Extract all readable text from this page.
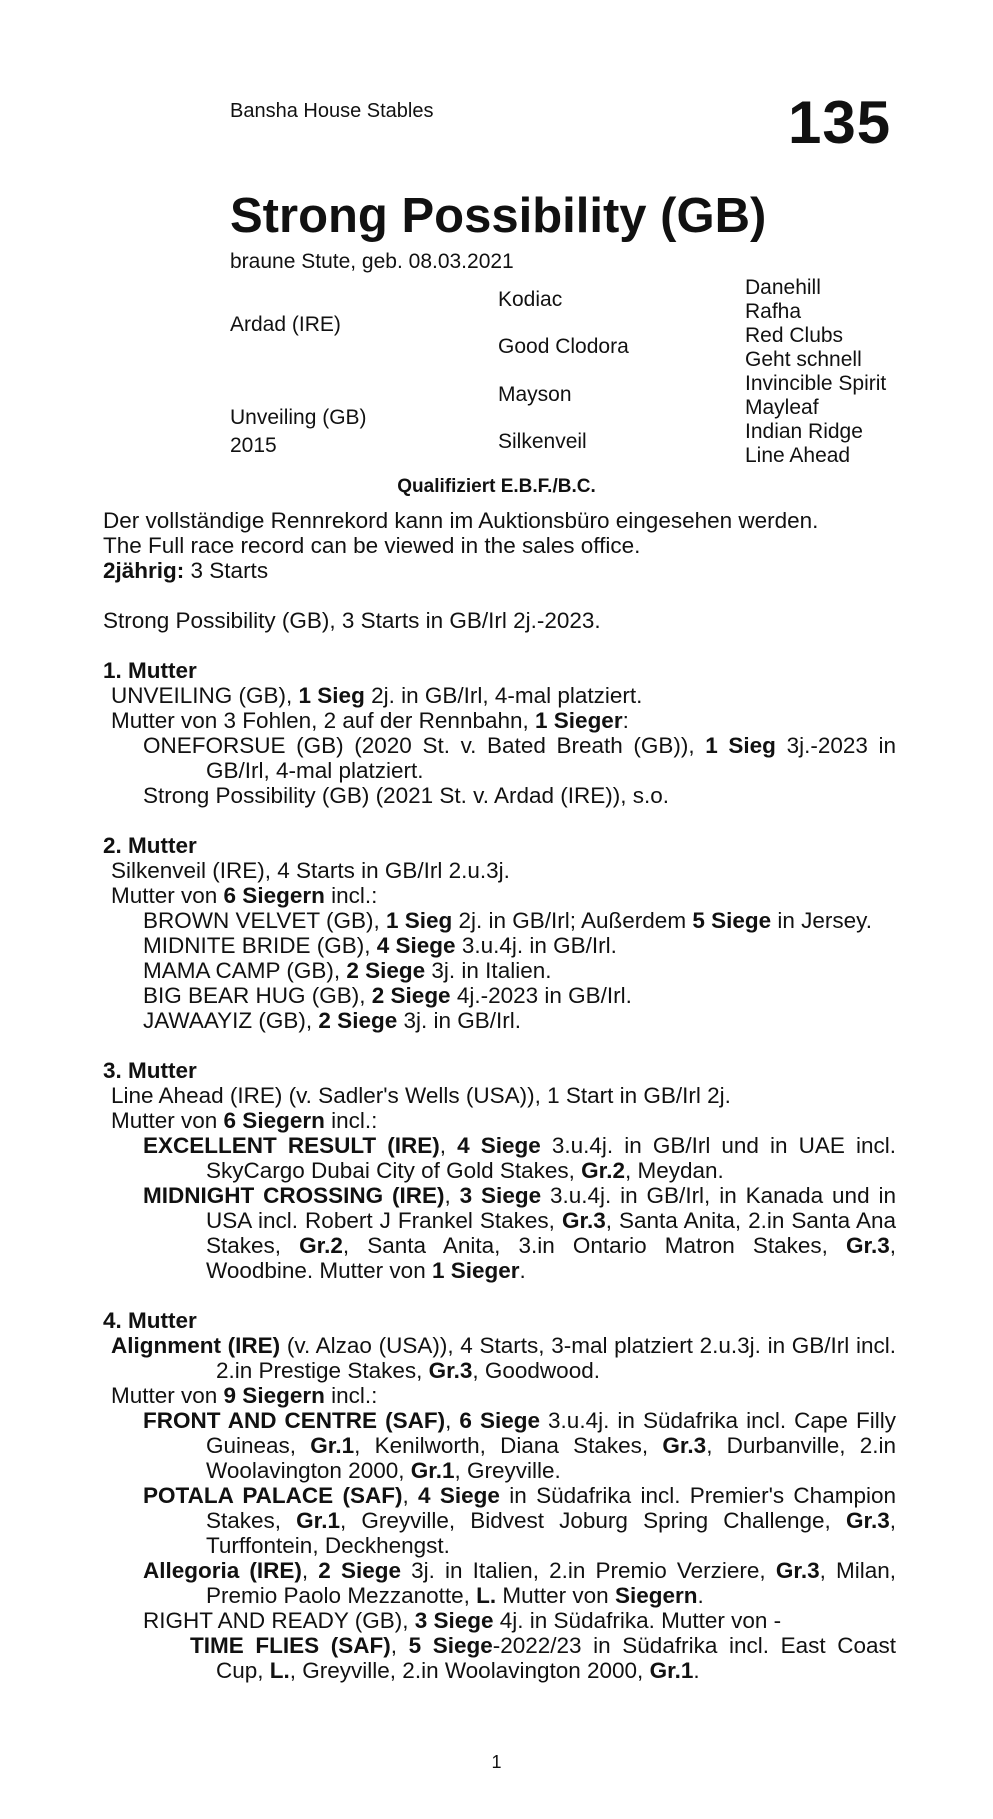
Bansha House Stables	135
Strong Possibility (GB)
braune Stute, geb. 08.03.2021
Ardad (IRE)
Unveiling (GB)
2015
Kodiac
Good Clodora
Mayson
Silkenveil
Danehill
Rafha
Red Clubs
Geht schnell
Invincible Spirit
Mayleaf
Indian Ridge
Line Ahead
Qualifiziert E.B.F./B.C.

Der vollständige Rennrekord kann im Auktionsbüro eingesehen werden.

The Full race record can be viewed in the sales office.

2jährig: 3 Starts

Strong Possibility (GB), 3 Starts in GB/Irl 2j.-2023.

1. Mutter

UNVEILING (GB), 1 Sieg 2j. in GB/Irl, 4-mal platziert.

Mutter von 3 Fohlen, 2 auf der Rennbahn, 1 Sieger:

ONEFORSUE (GB) (2020 St. v. Bated Breath (GB)), 1 Sieg 3j.-2023 in GB/Irl, 4-mal platziert.

Strong Possibility (GB) (2021 St. v. Ardad (IRE)), s.o.

2. Mutter

Silkenveil (IRE), 4 Starts in GB/Irl 2.u.3j.

Mutter von 6 Siegern incl.:

BROWN VELVET (GB), 1 Sieg 2j. in GB/Irl; Außerdem 5 Siege in Jersey.

MIDNITE BRIDE (GB), 4 Siege 3.u.4j. in GB/Irl.

MAMA CAMP (GB), 2 Siege 3j. in Italien.

BIG BEAR HUG (GB), 2 Siege 4j.-2023 in GB/Irl.

JAWAAYIZ (GB), 2 Siege 3j. in GB/Irl.

3. Mutter

Line Ahead (IRE) (v. Sadler's Wells (USA)), 1 Start in GB/Irl 2j.

Mutter von 6 Siegern incl.:

EXCELLENT RESULT (IRE), 4 Siege 3.u.4j. in GB/Irl und in UAE incl. SkyCargo Dubai City of Gold Stakes, Gr.2, Meydan.

MIDNIGHT CROSSING (IRE), 3 Siege 3.u.4j. in GB/Irl, in Kanada und in USA incl. Robert J Frankel Stakes, Gr.3, Santa Anita, 2.in Santa Ana Stakes, Gr.2, Santa Anita, 3.in Ontario Matron Stakes, Gr.3, Woodbine. Mutter von 1 Sieger.

4. Mutter

Alignment (IRE) (v. Alzao (USA)), 4 Starts, 3-mal platziert 2.u.3j. in GB/Irl incl. 2.in Prestige Stakes, Gr.3, Goodwood.

Mutter von 9 Siegern incl.:

FRONT AND CENTRE (SAF), 6 Siege 3.u.4j. in Südafrika incl. Cape Filly Guineas, Gr.1, Kenilworth, Diana Stakes, Gr.3, Durbanville, 2.in Woolavington 2000, Gr.1, Greyville.

POTALA PALACE (SAF), 4 Siege in Südafrika incl. Premier's Champion Stakes, Gr.1, Greyville, Bidvest Joburg Spring Challenge, Gr.3, Turffontein, Deckhengst.

Allegoria (IRE), 2 Siege 3j. in Italien, 2.in Premio Verziere, Gr.3, Milan, Premio Paolo Mezzanotte, L. Mutter von Siegern.

RIGHT AND READY (GB), 3 Siege 4j. in Südafrika. Mutter von -

TIME FLIES (SAF), 5 Siege-2022/23 in Südafrika incl. East Coast Cup, L., Greyville, 2.in Woolavington 2000, Gr.1.

1
